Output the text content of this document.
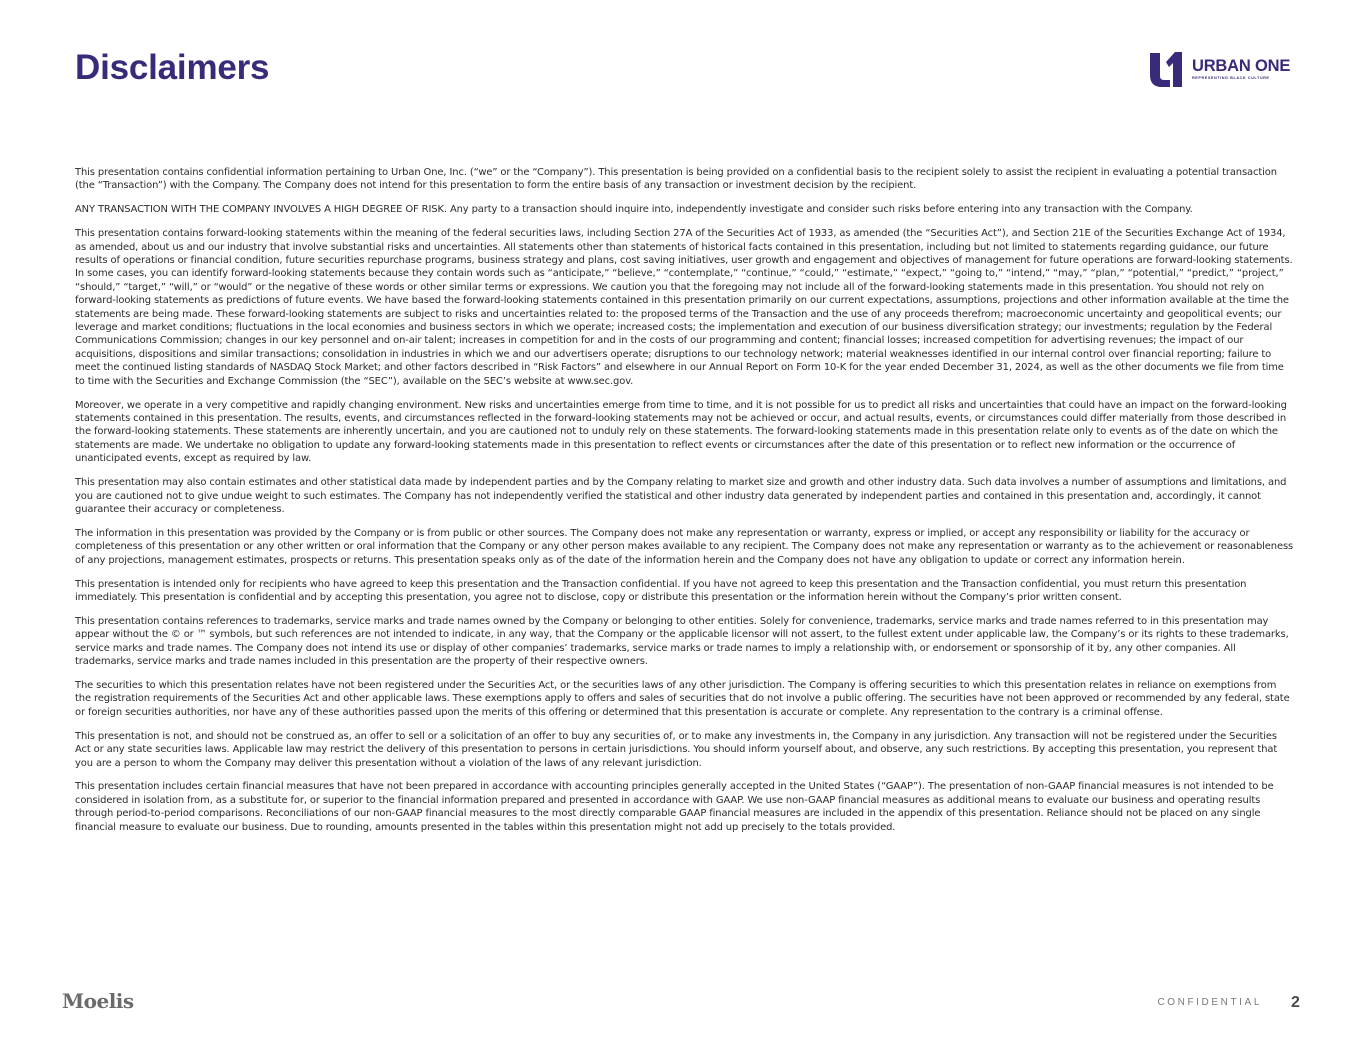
Disclaimers	URBAN ONE
REPRESENTING BLACK CULTURE

This presentation contains confidential information pertaining to Urban One, Inc. (“we” or the “Company”). This presentation is being provided on a confidential basis to the recipient solely to assist the recipient in evaluating a potential transaction (the “Transaction”) with the Company. The Company does not intend for this presentation to form the entire basis of any transaction or investment decision by the recipient.

ANY TRANSACTION WITH THE COMPANY INVOLVES A HIGH DEGREE OF RISK. Any party to a transaction should inquire into, independently investigate and consider such risks before entering into any transaction with the Company.

This presentation contains forward-looking statements within the meaning of the federal securities laws, including Section 27A of the Securities Act of 1933, as amended (the “Securities Act”), and Section 21E of the Securities Exchange Act of 1934, as amended, about us and our industry that involve substantial risks and uncertainties. All statements other than statements of historical facts contained in this presentation, including but not limited to statements regarding guidance, our future results of operations or financial condition, future securities repurchase programs, business strategy and plans, cost saving initiatives, user growth and engagement and objectives of management for future operations are forward-looking statements. In some cases, you can identify forward-looking statements because they contain words such as “anticipate,” “believe,” “contemplate,” “continue,” “could,” “estimate,” “expect,” “going to,” “intend,” “may,” “plan,” “potential,” “predict,” “project,” “should,” “target,” “will,” or “would” or the negative of these words or other similar terms or expressions. We caution you that the foregoing may not include all of the forward-looking statements made in this presentation. You should not rely on forward-looking statements as predictions of future events. We have based the forward-looking statements contained in this presentation primarily on our current expectations, assumptions, projections and other information available at the time the statements are being made. These forward-looking statements are subject to risks and uncertainties related to: the proposed terms of the Transaction and the use of any proceeds therefrom; macroeconomic uncertainty and geopolitical events; our leverage and market conditions; fluctuations in the local economies and business sectors in which we operate; increased costs; the implementation and execution of our business diversification strategy; our investments; regulation by the Federal Communications Commission; changes in our key personnel and on-air talent; increases in competition for and in the costs of our programming and content; financial losses; increased competition for advertising revenues; the impact of our acquisitions, dispositions and similar transactions; consolidation in industries in which we and our advertisers operate; disruptions to our technology network; material weaknesses identified in our internal control over financial reporting; failure to meet the continued listing standards of NASDAQ Stock Market; and other factors described in “Risk Factors” and elsewhere in our Annual Report on Form 10-K for the year ended December 31, 2024, as well as the other documents we file from time to time with the Securities and Exchange Commission (the “SEC”), available on the SEC’s website at www.sec.gov.

Moreover, we operate in a very competitive and rapidly changing environment. New risks and uncertainties emerge from time to time, and it is not possible for us to predict all risks and uncertainties that could have an impact on the forward-looking statements contained in this presentation. The results, events, and circumstances reflected in the forward-looking statements may not be achieved or occur, and actual results, events, or circumstances could differ materially from those described in the forward-looking statements. These statements are inherently uncertain, and you are cautioned not to unduly rely on these statements. The forward-looking statements made in this presentation relate only to events as of the date on which the statements are made. We undertake no obligation to update any forward-looking statements made in this presentation to reflect events or circumstances after the date of this presentation or to reflect new information or the occurrence of unanticipated events, except as required by law.

This presentation may also contain estimates and other statistical data made by independent parties and by the Company relating to market size and growth and other industry data. Such data involves a number of assumptions and limitations, and you are cautioned not to give undue weight to such estimates. The Company has not independently verified the statistical and other industry data generated by independent parties and contained in this presentation and, accordingly, it cannot guarantee their accuracy or completeness.

The information in this presentation was provided by the Company or is from public or other sources. The Company does not make any representation or warranty, express or implied, or accept any responsibility or liability for the accuracy or completeness of this presentation or any other written or oral information that the Company or any other person makes available to any recipient. The Company does not make any representation or warranty as to the achievement or reasonableness of any projections, management estimates, prospects or returns. This presentation speaks only as of the date of the information herein and the Company does not have any obligation to update or correct any information herein.

This presentation is intended only for recipients who have agreed to keep this presentation and the Transaction confidential. If you have not agreed to keep this presentation and the Transaction confidential, you must return this presentation immediately. This presentation is confidential and by accepting this presentation, you agree not to disclose, copy or distribute this presentation or the information herein without the Company’s prior written consent.

This presentation contains references to trademarks, service marks and trade names owned by the Company or belonging to other entities. Solely for convenience, trademarks, service marks and trade names referred to in this presentation may appear without the © or ™ symbols, but such references are not intended to indicate, in any way, that the Company or the applicable licensor will not assert, to the fullest extent under applicable law, the Company’s or its rights to these trademarks, service marks and trade names. The Company does not intend its use or display of other companies’ trademarks, service marks or trade names to imply a relationship with, or endorsement or sponsorship of it by, any other companies. All trademarks, service marks and trade names included in this presentation are the property of their respective owners.

The securities to which this presentation relates have not been registered under the Securities Act, or the securities laws of any other jurisdiction. The Company is offering securities to which this presentation relates in reliance on exemptions from the registration requirements of the Securities Act and other applicable laws. These exemptions apply to offers and sales of securities that do not involve a public offering. The securities have not been approved or recommended by any federal, state or foreign securities authorities, nor have any of these authorities passed upon the merits of this offering or determined that this presentation is accurate or complete. Any representation to the contrary is a criminal offense.

This presentation is not, and should not be construed as, an offer to sell or a solicitation of an offer to buy any securities of, or to make any investments in, the Company in any jurisdiction. Any transaction will not be registered under the Securities Act or any state securities laws. Applicable law may restrict the delivery of this presentation to persons in certain jurisdictions. You should inform yourself about, and observe, any such restrictions. By accepting this presentation, you represent that you are a person to whom the Company may deliver this presentation without a violation of the laws of any relevant jurisdiction.

This presentation includes certain financial measures that have not been prepared in accordance with accounting principles generally accepted in the United States (“GAAP”). The presentation of non-GAAP financial measures is not intended to be considered in isolation from, as a substitute for, or superior to the financial information prepared and presented in accordance with GAAP. We use non-GAAP financial measures as additional means to evaluate our business and operating results through period-to-period comparisons. Reconciliations of our non-GAAP financial measures to the most directly comparable GAAP financial measures are included in the appendix of this presentation. Reliance should not be placed on any single financial measure to evaluate our business. Due to rounding, amounts presented in the tables within this presentation might not add up precisely to the totals provided.

Moelis	CONFIDENTIAL 2
